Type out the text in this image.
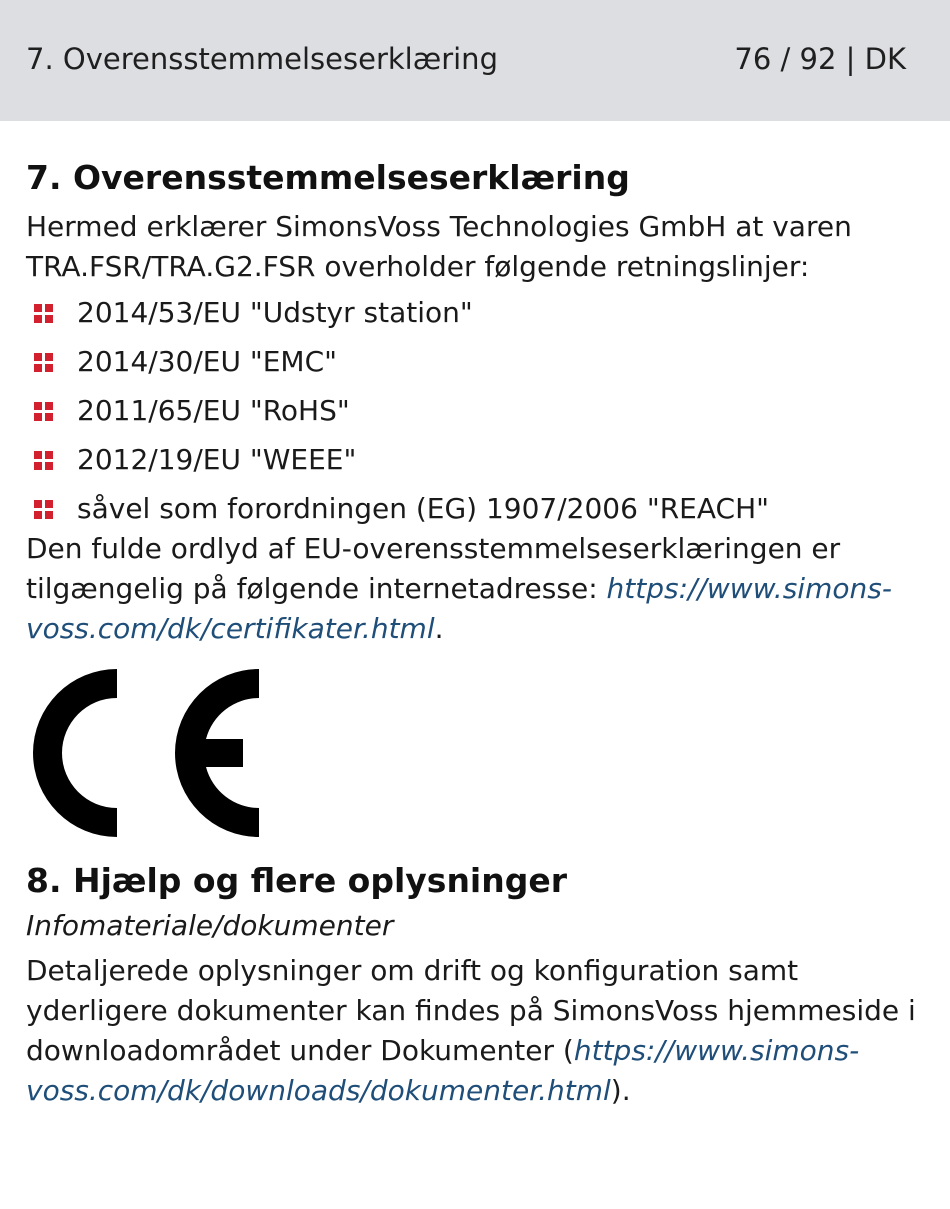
7. Overensstemmelseserklæring	76 / 92 | DK
7. Overensstemmelseserklæring

Hermed erklærer SimonsVoss Technologies GmbH at varen TRA.FSR/TRA.G2.FSR overholder følgende retningslinjer:

2014/53/EU "Udstyr station"
2014/30/EU "EMC"
2011/65/EU "RoHS"
2012/19/EU "WEEE"
såvel som forordningen (EG) 1907/2006 "REACH"

Den fulde ordlyd af EU-overensstemmelseserklæringen er tilgængelig på følgende internetadresse: https://www.simons-voss.com/dk/certifikater.html.

8. Hjælp og flere oplysninger

Infomateriale/dokumenter

Detaljerede oplysninger om drift og konfiguration samt yderligere dokumenter kan findes på SimonsVoss hjemmeside i downloadområdet under Dokumenter (https://www.simons-voss.com/dk/downloads/dokumenter.html).
